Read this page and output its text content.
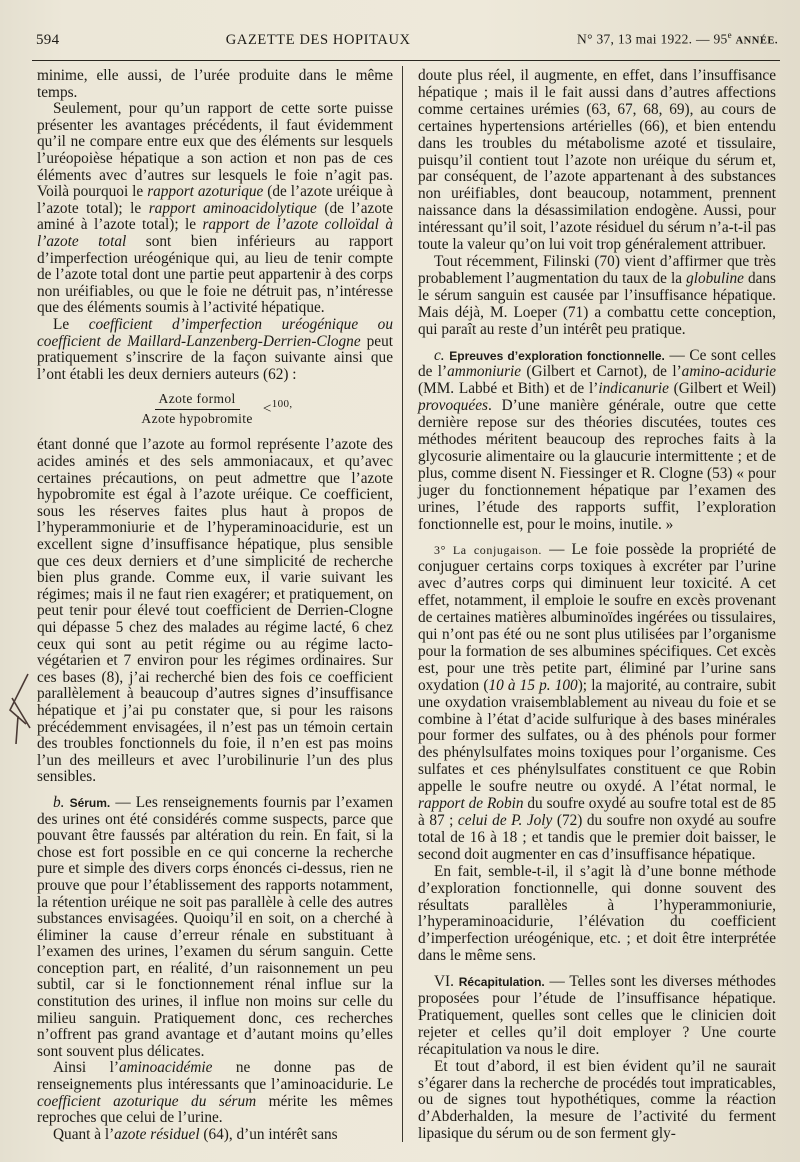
594	GAZETTE DES HOPITAUX	N° 37, 13 mai 1922. — 95e ANNÉE.

minime, elle aussi, de l’urée produite dans le même temps.

Seulement, pour qu’un rapport de cette sorte puisse présenter les avantages précédents, il faut évidemment qu’il ne compare entre eux que des éléments sur lesquels l’uréopoièse hépatique a son action et non pas de ces éléments avec d’autres sur lesquels le foie n’agit pas. Voilà pourquoi le rapport azoturique (de l’azote uréique à l’azote total); le rapport aminoacidolytique (de l’azote aminé à l’azote total); le rapport de l’azote colloïdal à l’azote total sont bien inférieurs au rapport d’imperfection uréogénique qui, au lieu de tenir compte de l’azote total dont une partie peut appartenir à des corps non uréifiables, ou que le foie ne détruit pas, n’intéresse que des éléments soumis à l’activité hépatique.

Le coefficient d’imperfection uréogénique ou coefficient de Maillard-Lanzenberg-Derrien-Clogne peut pratiquement s’inscrire de la façon suivante ainsi que l’ont établi les deux derniers auteurs (62) :

$\frac{\text{Azote formol}}{\text{Azote hypobromite}} < 100$,

étant donné que l’azote au formol représente l’azote des acides aminés et des sels ammoniacaux, et qu’avec certaines précautions, on peut admettre que l’azote hypobromite est égal à l’azote uréique. Ce coefficient, sous les réserves faites plus haut à propos de l’hyperammoniurie et de l’hyperaminoacidurie, est un excellent signe d’insuffisance hépatique, plus sensible que ces deux derniers et d’une simplicité de recherche bien plus grande. Comme eux, il varie suivant les régimes; mais il ne faut rien exagérer; et pratiquement, on peut tenir pour élevé tout coefficient de Derrien-Clogne qui dépasse 5 chez des malades au régime lacté, 6 chez ceux qui sont au petit régime ou au régime lacto-végétarien et 7 environ pour les régimes ordinaires. Sur ces bases (8), j’ai recherché bien des fois ce coefficient parallèlement à beaucoup d’autres signes d’insuffisance hépatique et j’ai pu constater que, si pour les raisons précédemment envisagées, il n’est pas un témoin certain des troubles fonctionnels du foie, il n’en est pas moins l’un des meilleurs et avec l’urobilinurie l’un des plus sensibles.

b. Sérum. — Les renseignements fournis par l’examen des urines ont été considérés comme suspects, parce que pouvant être faussés par altération du rein. En fait, si la chose est fort possible en ce qui concerne la recherche pure et simple des divers corps énoncés ci-dessus, rien ne prouve que pour l’établissement des rapports notamment, la rétention uréique ne soit pas parallèle à celle des autres substances envisagées. Quoiqu’il en soit, on a cherché à éliminer la cause d’erreur rénale en substituant à l’examen des urines, l’examen du sérum sanguin. Cette conception part, en réalité, d’un raisonnement un peu subtil, car si le fonctionnement rénal influe sur la constitution des urines, il influe non moins sur celle du milieu sanguin. Pratiquement donc, ces recherches n’offrent pas grand avantage et d’autant moins qu’elles sont souvent plus délicates.

Ainsi l’aminoacidémie ne donne pas de renseignements plus intéressants que l’aminoacidurie. Le coefficient azoturique du sérum mérite les mêmes reproches que celui de l’urine.

Quant à l’azote résiduel (64), d’un intérêt sans

doute plus réel, il augmente, en effet, dans l’insuffisance hépatique ; mais il le fait aussi dans d’autres affections comme certaines urémies (63, 67, 68, 69), au cours de certaines hypertensions artérielles (66), et bien entendu dans les troubles du métabolisme azoté et tissulaire, puisqu’il contient tout l’azote non uréique du sérum et, par conséquent, de l’azote appartenant à des substances non uréifiables, dont beaucoup, notamment, prennent naissance dans la désassimilation endogène. Aussi, pour intéressant qu’il soit, l’azote résiduel du sérum n’a-t-il pas toute la valeur qu’on lui voit trop généralement attribuer.

Tout récemment, Filinski (70) vient d’affirmer que très probablement l’augmentation du taux de la globuline dans le sérum sanguin est causée par l’insuffisance hépatique. Mais déjà, M. Loeper (71) a combattu cette conception, qui paraît au reste d’un intérêt peu pratique.

c. Epreuves d’exploration fonctionnelle. — Ce sont celles de l’ammoniurie (Gilbert et Carnot), de l’amino-acidurie (MM. Labbé et Bith) et de l’indicanurie (Gilbert et Weil) provoquées. D’une manière générale, outre que cette dernière repose sur des théories discutées, toutes ces méthodes méritent beaucoup des reproches faits à la glycosurie alimentaire ou la glaucurie intermittente ; et de plus, comme disent N. Fiessinger et R. Clogne (53) « pour juger du fonctionnement hépatique par l’examen des urines, l’étude des rapports suffit, l’exploration fonctionnelle est, pour le moins, inutile. »

3° La conjugaison. — Le foie possède la propriété de conjuguer certains corps toxiques à excréter par l’urine avec d’autres corps qui diminuent leur toxicité. A cet effet, notamment, il emploie le soufre en excès provenant de certaines matières albuminoïdes ingérées ou tissulaires, qui n’ont pas été ou ne sont plus utilisées par l’organisme pour la formation de ses albumines spécifiques. Cet excès est, pour une très petite part, éliminé par l’urine sans oxydation (10 à 15 p. 100); la majorité, au contraire, subit une oxydation vraisemblablement au niveau du foie et se combine à l’état d’acide sulfurique à des bases minérales pour former des sulfates, ou à des phénols pour former des phénylsulfates moins toxiques pour l’organisme. Ces sulfates et ces phénylsulfates constituent ce que Robin appelle le soufre neutre ou oxydé. A l’état normal, le rapport de Robin du soufre oxydé au soufre total est de 85 à 87 ; celui de P. Joly (72) du soufre non oxydé au soufre total de 16 à 18 ; et tandis que le premier doit baisser, le second doit augmenter en cas d’insuffisance hépatique.

En fait, semble-t-il, il s’agit là d’une bonne méthode d’exploration fonctionnelle, qui donne souvent des résultats parallèles à l’hyperammoniurie, l’hyperaminoacidurie, l’élévation du coefficient d’imperfection uréogénique, etc. ; et doit être interprétée dans le même sens.

VI. Récapitulation. — Telles sont les diverses méthodes proposées pour l’étude de l’insuffisance hépatique. Pratiquement, quelles sont celles que le clinicien doit rejeter et celles qu’il doit employer ? Une courte récapitulation va nous le dire.

Et tout d’abord, il est bien évident qu’il ne saurait s’égarer dans la recherche de procédés tout impraticables, ou de signes tout hypothétiques, comme la réaction d’Abderhalden, la mesure de l’activité du ferment lipasique du sérum ou de son ferment gly-
